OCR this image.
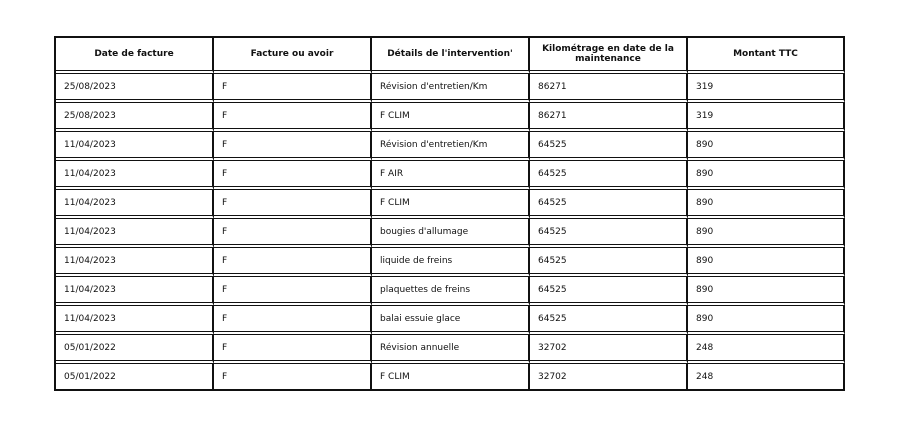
Date de facture	Facture ou avoir	Détails de l'intervention'	Kilométrage en date de la maintenance	Montant TTC
25/08/2023	F	Révision d'entretien/Km	86271	319
25/08/2023	F	F CLIM	86271	319
11/04/2023	F	Révision d'entretien/Km	64525	890
11/04/2023	F	F AIR	64525	890
11/04/2023	F	F CLIM	64525	890
11/04/2023	F	bougies d'allumage	64525	890
11/04/2023	F	liquide de freins	64525	890
11/04/2023	F	plaquettes de freins	64525	890
11/04/2023	F	balai essuie glace	64525	890
05/01/2022	F	Révision annuelle	32702	248
05/01/2022	F	F CLIM	32702	248
